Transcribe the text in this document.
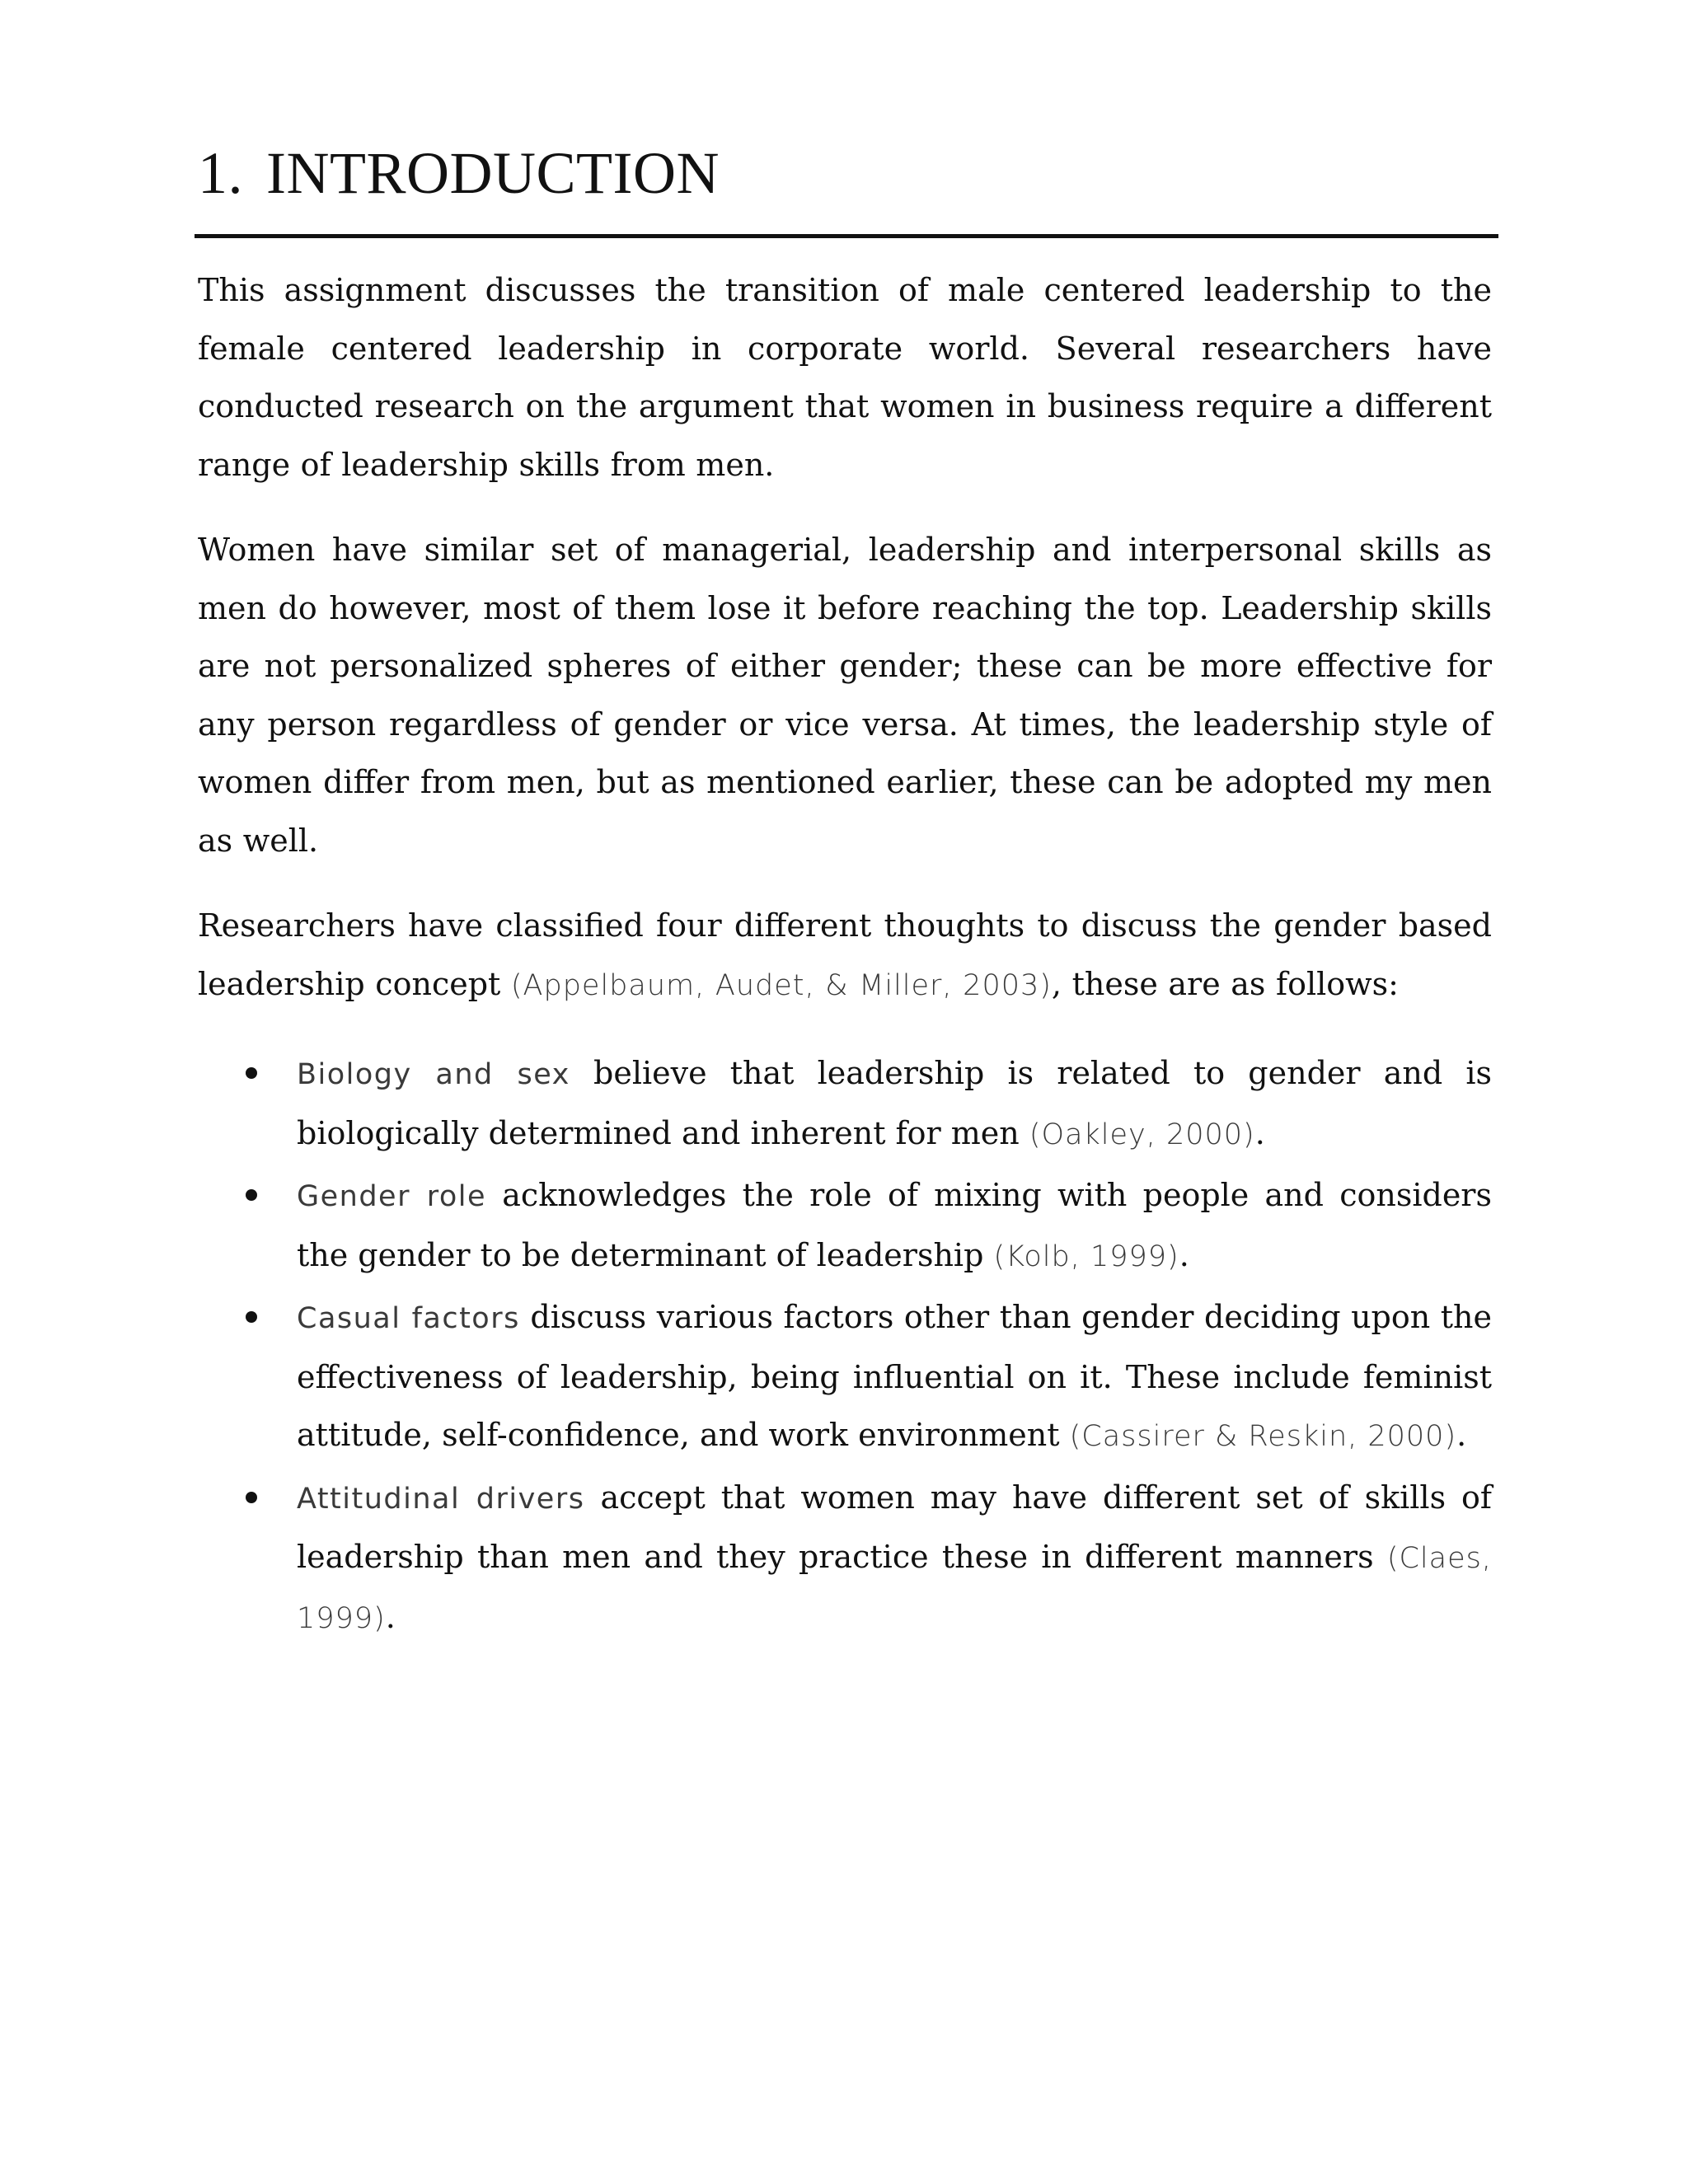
1. INTRODUCTION

This assignment discusses the transition of male centered leadership to the female centered leadership in corporate world. Several researchers have conducted research on the argument that women in business require a different range of leadership skills from men.

Women have similar set of managerial, leadership and interpersonal skills as men do however, most of them lose it before reaching the top. Leadership skills are not personalized spheres of either gender; these can be more effective for any person regardless of gender or vice versa. At times, the leadership style of women differ from men, but as mentioned earlier, these can be adopted my men as well.

Researchers have classified four different thoughts to discuss the gender based leadership concept (Appelbaum, Audet, & Miller, 2003), these are as follows:

Biology and sex believe that leadership is related to gender and is biologically determined and inherent for men (Oakley, 2000).
Gender role acknowledges the role of mixing with people and considers the gender to be determinant of leadership (Kolb, 1999).
Casual factors discuss various factors other than gender deciding upon the effectiveness of leadership, being influential on it. These include feminist attitude, self-confidence, and work environment (Cassirer & Reskin, 2000).
Attitudinal drivers accept that women may have different set of skills of leadership than men and they practice these in different manners (Claes, 1999).
